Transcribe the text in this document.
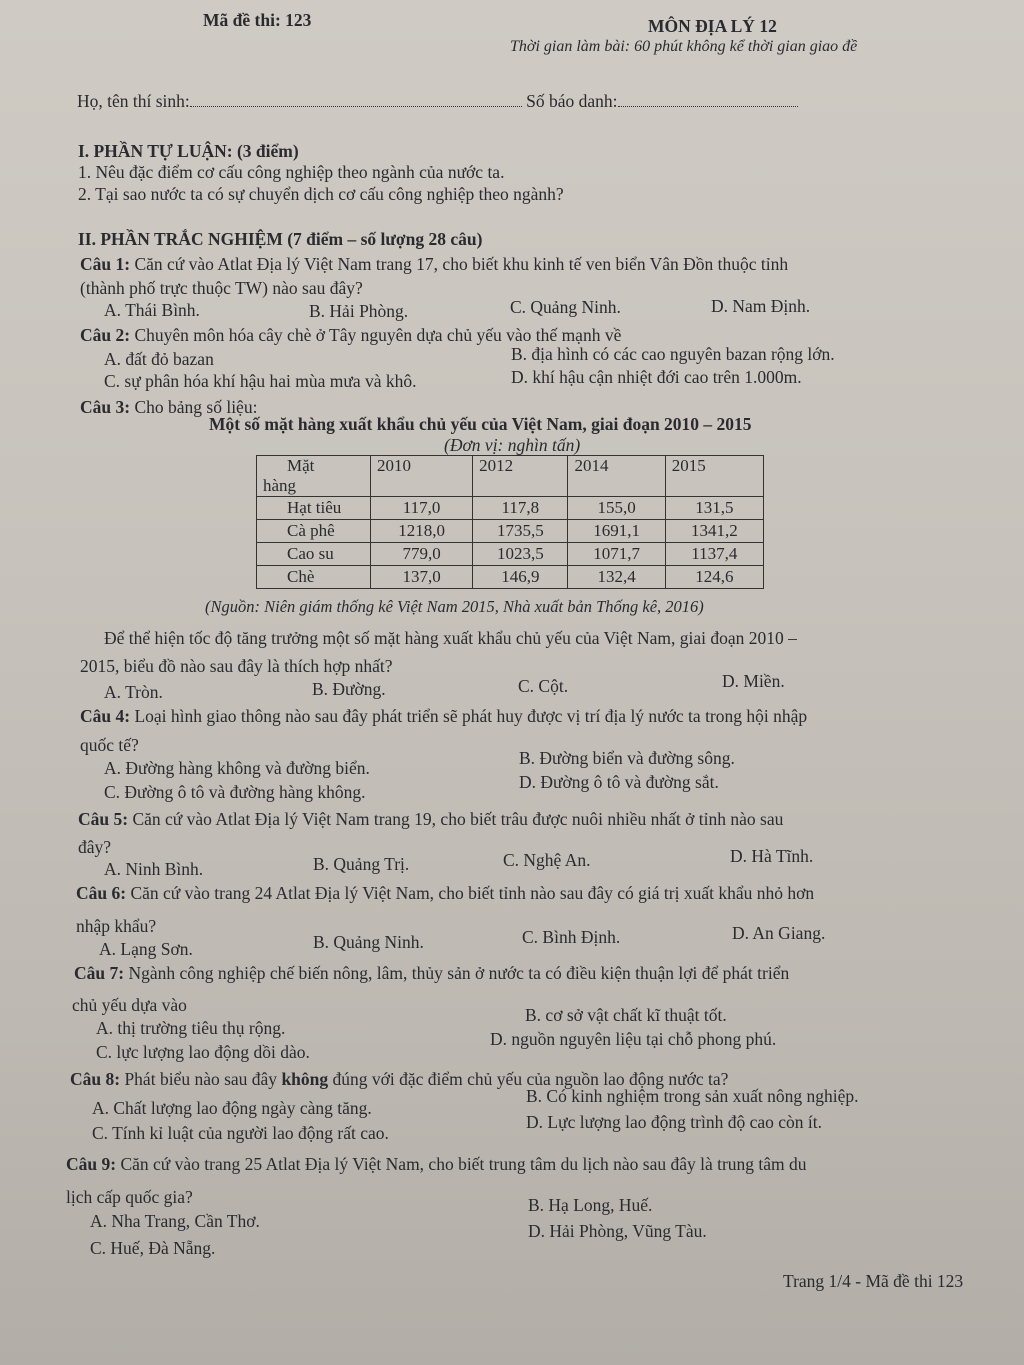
Mã đề thi: 123	MÔN ĐỊA LÝ 12
Thời gian làm bài: 60 phút không kể thời gian giao đề
Họ, tên thí sinh:	Số báo danh:
I. PHẦN TỰ LUẬN: (3 điểm)
1. Nêu đặc điểm cơ cấu công nghiệp theo ngành của nước ta.
2. Tại sao nước ta có sự chuyển dịch cơ cấu công nghiệp theo ngành?
II. PHẦN TRẮC NGHIỆM (7 điểm – số lượng 28 câu)
Câu 1: Căn cứ vào Atlat Địa lý Việt Nam trang 17, cho biết khu kinh tế ven biển Vân Đồn thuộc tỉnh
(thành phố trực thuộc TW) nào sau đây?
A. Thái Bình.	B. Hải Phòng.	C. Quảng Ninh.	D. Nam Định.
Câu 2: Chuyên môn hóa cây chè ở Tây nguyên dựa chủ yếu vào thế mạnh về
A. đất đỏ bazan	B. địa hình có các cao nguyên bazan rộng lớn.
C. sự phân hóa khí hậu hai mùa mưa và khô.	D. khí hậu cận nhiệt đới cao trên 1.000m.
Câu 3: Cho bảng số liệu:
Một số mặt hàng xuất khẩu chủ yếu của Việt Nam, giai đoạn 2010 – 2015
(Đơn vị: nghìn tấn)
Mặt
hàng	2010	2012	2014	2015
Hạt tiêu	117,0	117,8	155,0	131,5
Cà phê	1218,0	1735,5	1691,1	1341,2
Cao su	779,0	1023,5	1071,7	1137,4
Chè	137,0	146,9	132,4	124,6
(Nguồn: Niên giám thống kê Việt Nam 2015, Nhà xuất bản Thống kê, 2016)
Để thể hiện tốc độ tăng trưởng một số mặt hàng xuất khẩu chủ yếu của Việt Nam, giai đoạn 2010 –
2015, biểu đồ nào sau đây là thích hợp nhất?
A. Tròn.	B. Đường.	C. Cột.	D. Miền.
Câu 4: Loại hình giao thông nào sau đây phát triển sẽ phát huy được vị trí địa lý nước ta trong hội nhập
quốc tế?
A. Đường hàng không và đường biển.	B. Đường biển và đường sông.
C. Đường ô tô và đường hàng không.	D. Đường ô tô và đường sắt.
Câu 5: Căn cứ vào Atlat Địa lý Việt Nam trang 19, cho biết trâu được nuôi nhiều nhất ở tỉnh nào sau
đây?
A. Ninh Bình.	B. Quảng Trị.	C. Nghệ An.	D. Hà Tĩnh.
Câu 6: Căn cứ vào trang 24 Atlat Địa lý Việt Nam, cho biết tỉnh nào sau đây có giá trị xuất khẩu nhỏ hơn
nhập khẩu?
A. Lạng Sơn.	B. Quảng Ninh.	C. Bình Định.	D. An Giang.
Câu 7: Ngành công nghiệp chế biến nông, lâm, thủy sản ở nước ta có điều kiện thuận lợi để phát triển
chủ yếu dựa vào
A. thị trường tiêu thụ rộng.
B. cơ sở vật chất kĩ thuật tốt.
C. lực lượng lao động dồi dào.
D. nguồn nguyên liệu tại chỗ phong phú.
Câu 8: Phát biểu nào sau đây không đúng với đặc điểm chủ yếu của nguồn lao động nước ta?
A. Chất lượng lao động ngày càng tăng.
B. Có kinh nghiệm trong sản xuất nông nghiệp.
C. Tính kỉ luật của người lao động rất cao.
D. Lực lượng lao động trình độ cao còn ít.
Câu 9: Căn cứ vào trang 25 Atlat Địa lý Việt Nam, cho biết trung tâm du lịch nào sau đây là trung tâm du
lịch cấp quốc gia?
A. Nha Trang, Cần Thơ.
B. Hạ Long, Huế.
C. Huế, Đà Nẵng.
D. Hải Phòng, Vũng Tàu.
Trang 1/4 - Mã đề thi 123
